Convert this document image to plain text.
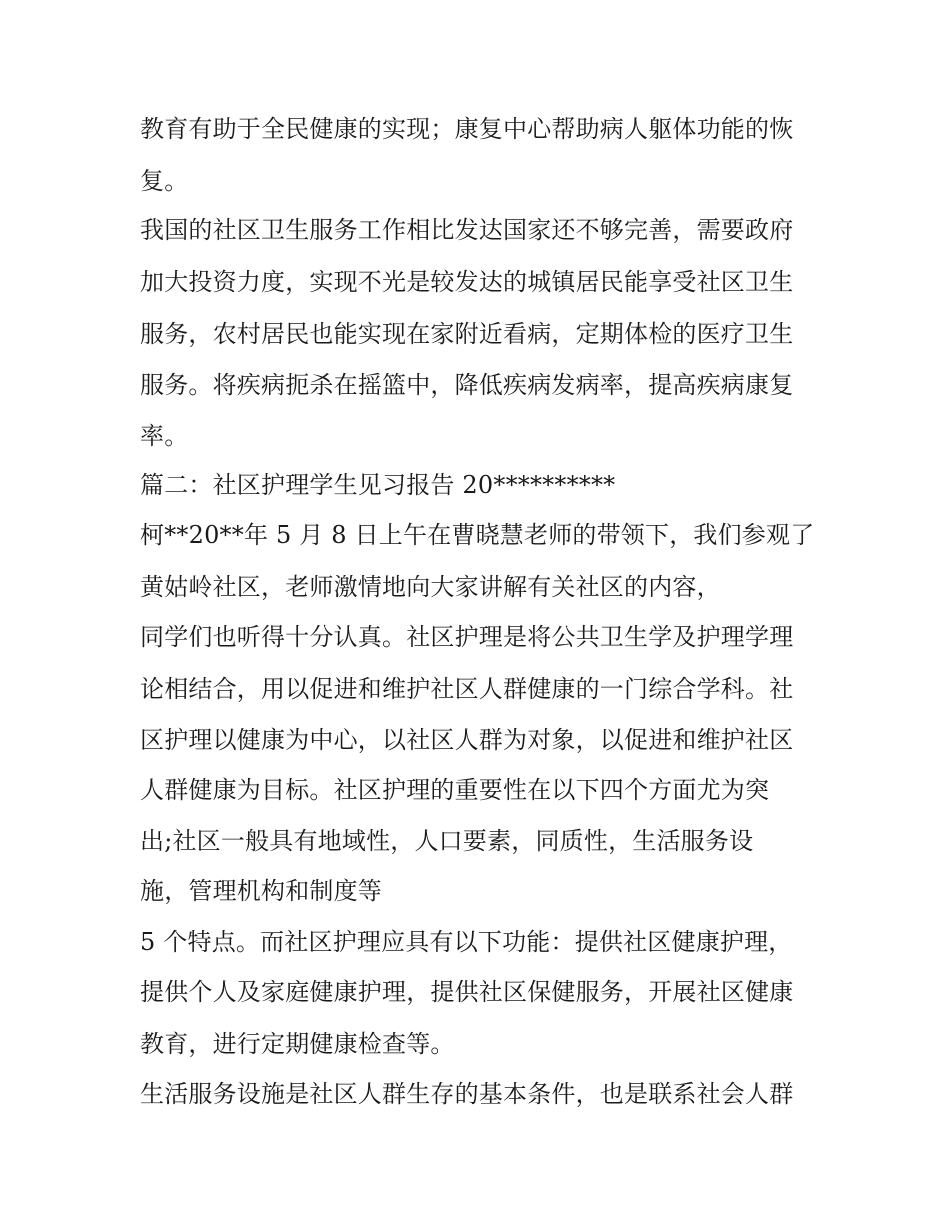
教育有助于全民健康的实现；康复中心帮助病人躯体功能的恢
复。
我国的社区卫生服务工作相比发达国家还不够完善，需要政府
加大投资力度，实现不光是较发达的城镇居民能享受社区卫生
服务，农村居民也能实现在家附近看病，定期体检的医疗卫生
服务。将疾病扼杀在摇篮中，降低疾病发病率，提高疾病康复
率。
篇二：社区护理学生见习报告 20**********
柯**20**年 5 月 8 日上午在曹晓慧老师的带领下，我们参观了
黄姑岭社区，老师激情地向大家讲解有关社区的内容，
同学们也听得十分认真。社区护理是将公共卫生学及护理学理
论相结合，用以促进和维护社区人群健康的一门综合学科。社
区护理以健康为中心，以社区人群为对象，以促进和维护社区
人群健康为目标。社区护理的重要性在以下四个方面尤为突
出;社区一般具有地域性，人口要素，同质性，生活服务设
施，管理机构和制度等
5 个特点。而社区护理应具有以下功能：提供社区健康护理，
提供个人及家庭健康护理，提供社区保健服务，开展社区健康
教育，进行定期健康检查等。
生活服务设施是社区人群生存的基本条件，也是联系社会人群
